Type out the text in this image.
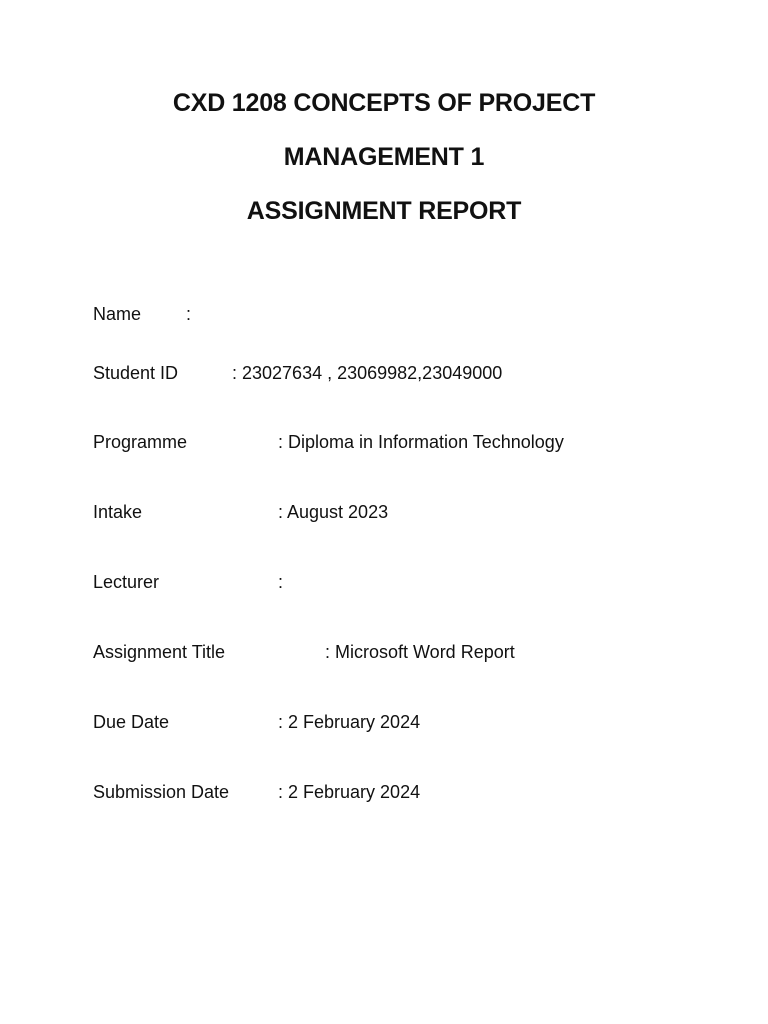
CXD 1208 CONCEPTS OF PROJECT
MANAGEMENT 1
ASSIGNMENT REPORT
Name :
Student ID	: 23027634 , 23069982,23049000
Programme	: Diploma in Information Technology
Intake	: August 2023
Lecturer	:
Assignment Title	: Microsoft Word Report
Due Date	: 2 February 2024
Submission Date	: 2 February 2024
